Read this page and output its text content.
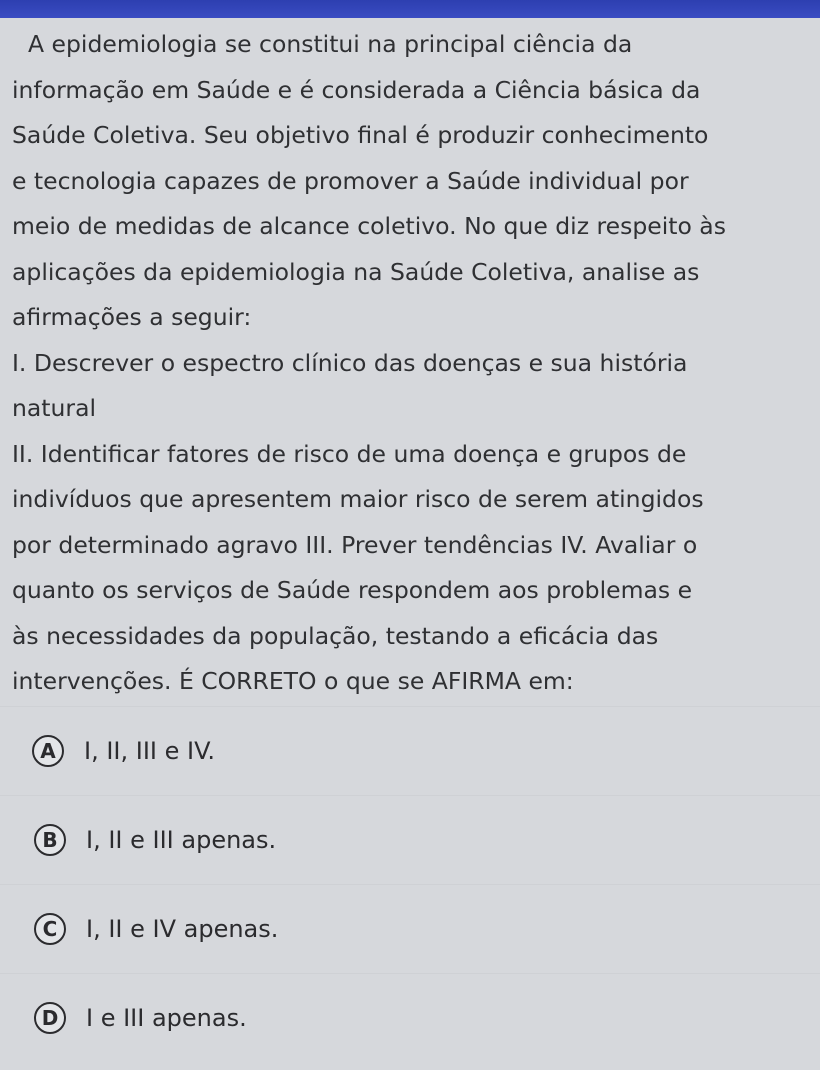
A epidemiologia se constitui na principal ciência da

informação em Saúde e é considerada a Ciência básica da

Saúde Coletiva. Seu objetivo final é produzir conhecimento

e tecnologia capazes de promover a Saúde individual por

meio de medidas de alcance coletivo. No que diz respeito às

aplicações da epidemiologia na Saúde Coletiva, analise as

afirmações a seguir:

I. Descrever o espectro clínico das doenças e sua história

natural

II. Identificar fatores de risco de uma doença e grupos de

indivíduos que apresentem maior risco de serem atingidos

por determinado agravo III. Prever tendências IV. Avaliar o

quanto os serviços de Saúde respondem aos problemas e

às necessidades da população, testando a eficácia das

intervenções. É CORRETO o que se AFIRMA em:

A	I, II, III e IV.
B	I, II e III apenas.
C	I, II e IV apenas.
D	I e III apenas.
